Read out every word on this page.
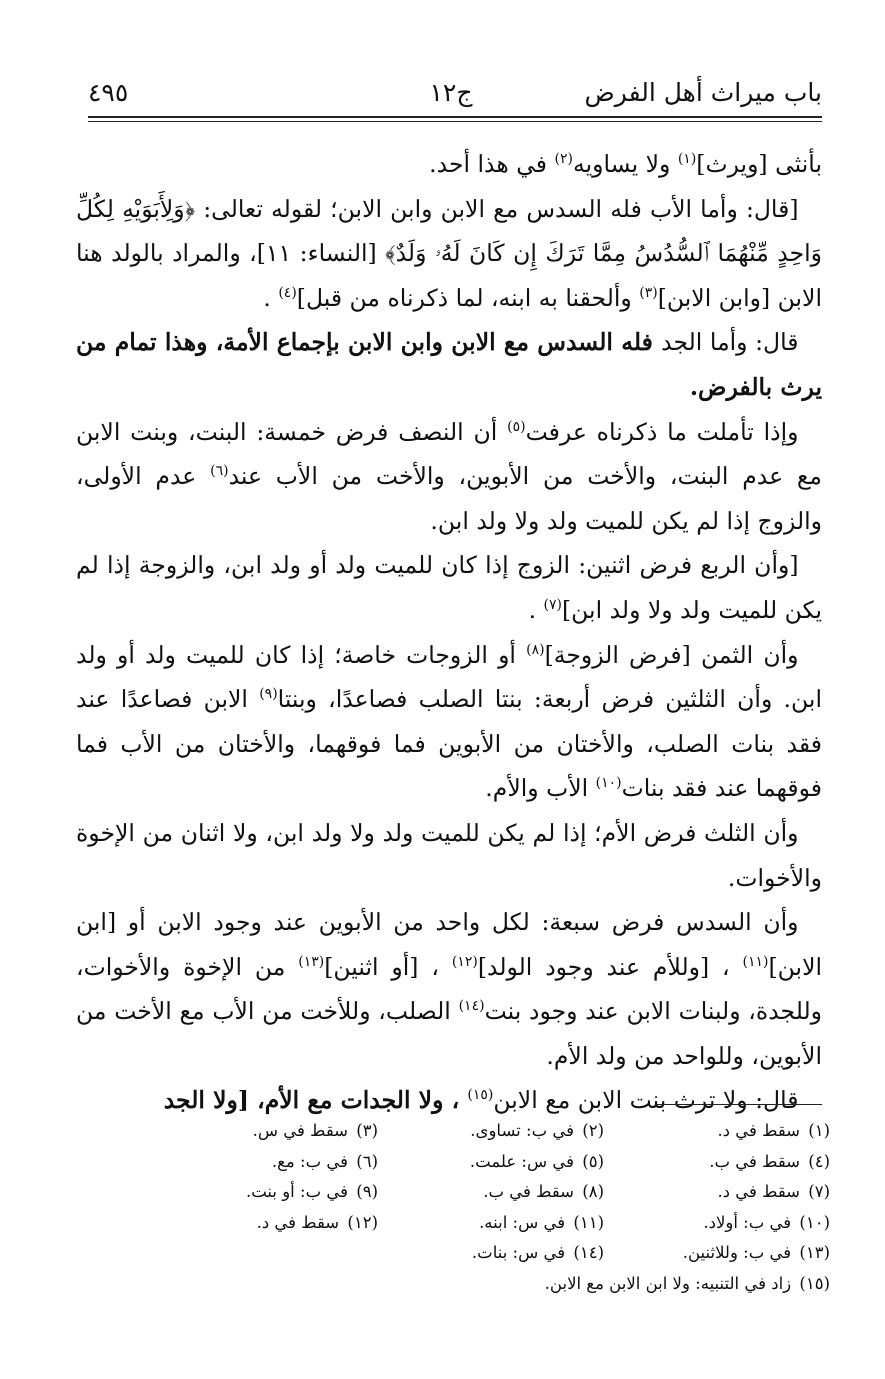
باب ميراث أهل الفرض
ج١٢
٤٩٥

بأنثى [ويرث]$^{(١)}$ ولا يساويه$^{(٢)}$ في هذا أحد.

 [قال: وأما الأب فله السدس مع الابن وابن الابن؛ لقوله تعالى: ﴿وَلِأَبَوَيْهِ لِكُلِّ وَاحِدٍ مِّنْهُمَا ٱلسُّدُسُ مِمَّا تَرَكَ إِن كَانَ لَهُۥ وَلَدٌ﴾ [النساء: ١١]، والمراد بالولد هنا الابن [وابن الابن]$^{(٣)}$ وألحقنا به ابنه، لما ذكرناه من قبل]$^{(٤)}$ .

 قال: وأما الجد فله السدس مع الابن وابن الابن بإجماع الأمة، وهذا تمام من يرث بالفرض.

 وإذا تأملت ما ذكرناه عرفت$^{(٥)}$ أن النصف فرض خمسة: البنت، وبنت الابن مع عدم البنت، والأخت من الأبوين، والأخت من الأب عند$^{(٦)}$ عدم الأولى، والزوج إذا لم يكن للميت ولد ولا ولد ابن.

 [وأن الربع فرض اثنين: الزوج إذا كان للميت ولد أو ولد ابن، والزوجة إذا لم يكن للميت ولد ولا ولد ابن]$^{(٧)}$ .

 وأن الثمن [فرض الزوجة]$^{(٨)}$ أو الزوجات خاصة؛ إذا كان للميت ولد أو ولد ابن. وأن الثلثين فرض أربعة: بنتا الصلب فصاعدًا، وبنتا$^{(٩)}$ الابن فصاعدًا عند فقد بنات الصلب، والأختان من الأبوين فما فوقهما، والأختان من الأب فما فوقهما عند فقد بنات$^{(١٠)}$ الأب والأم.

 وأن الثلث فرض الأم؛ إذا لم يكن للميت ولد ولا ولد ابن، ولا اثنان من الإخوة والأخوات.

 وأن السدس فرض سبعة: لكل واحد من الأبوين عند وجود الابن أو [ابن الابن]$^{(١١)}$ ، [وللأم عند وجود الولد]$^{(١٢)}$ ، [أو اثنين]$^{(١٣)}$ من الإخوة والأخوات، وللجدة، ولبنات الابن عند وجود بنت$^{(١٤)}$ الصلب، وللأخت من الأب مع الأخت من الأبوين، وللواحد من ولد الأم.

 قال: ولا ترث بنت الابن مع الابن$^{(١٥)}$ ، ولا الجدات مع الأم، [ولا الجد

(١) سقط في د.
(٢) في ب: تساوى.
(٣) سقط في س.
(٤) سقط في ب.
(٥) في س: علمت.
(٦) في ب: مع.
(٧) سقط في د.
(٨) سقط في ب.
(٩) في ب: أو بنت.
(١٠) في ب: أولاد.
(١١) في س: ابنه.
(١٢) سقط في د.
(١٣) في ب: وللاثنين.
(١٤) في س: بنات.
(١٥) زاد في التنبيه: ولا ابن الابن مع الابن.
